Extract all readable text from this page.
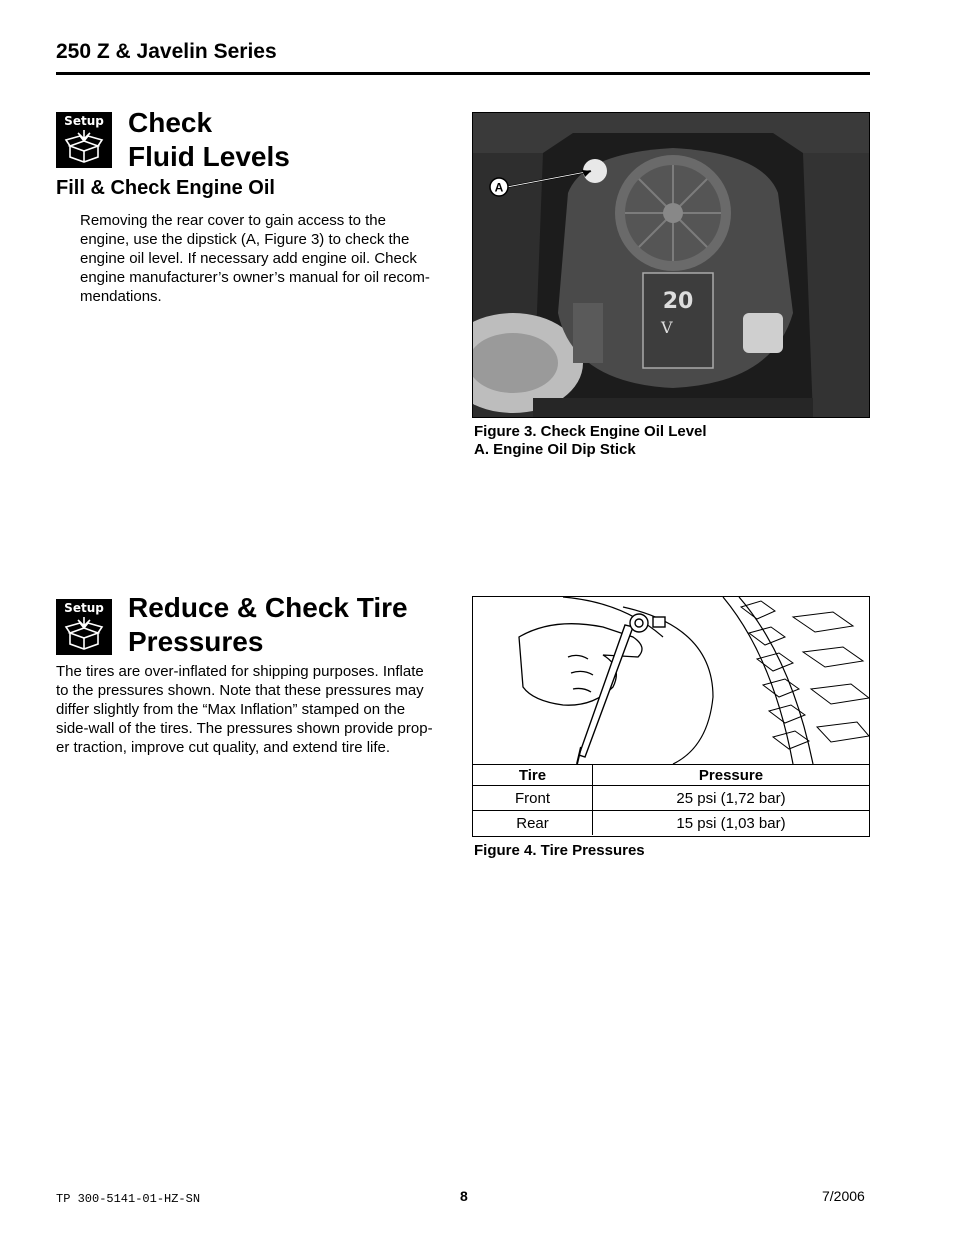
250 Z & Javelin Series
Setup Check
Fluid Levels
Fill & Check Engine Oil
Removing the rear cover to gain access to the
engine, use the dipstick (A, Figure 3) to check the
engine oil level. If necessary add engine oil. Check
engine manufacturer’s owner’s manual for oil recom-
mendations.	20
V
A
Figure 3. Check Engine Oil Level
A. Engine Oil Dip Stick
Setup Reduce & Check Tire
Pressures
The tires are over-inflated for shipping purposes. Inflate
to the pressures shown. Note that these pressures may
differ slightly from the “Max Inflation” stamped on the
side-wall of the tires. The pressures shown provide prop-
er traction, improve cut quality, and extend tire life.
Tire	Pressure
Front	25 psi (1,72 bar)
Rear	15 psi (1,03 bar)
Figure 4. Tire Pressures
TP 300-5141-01-HZ-SN	8	7/2006
